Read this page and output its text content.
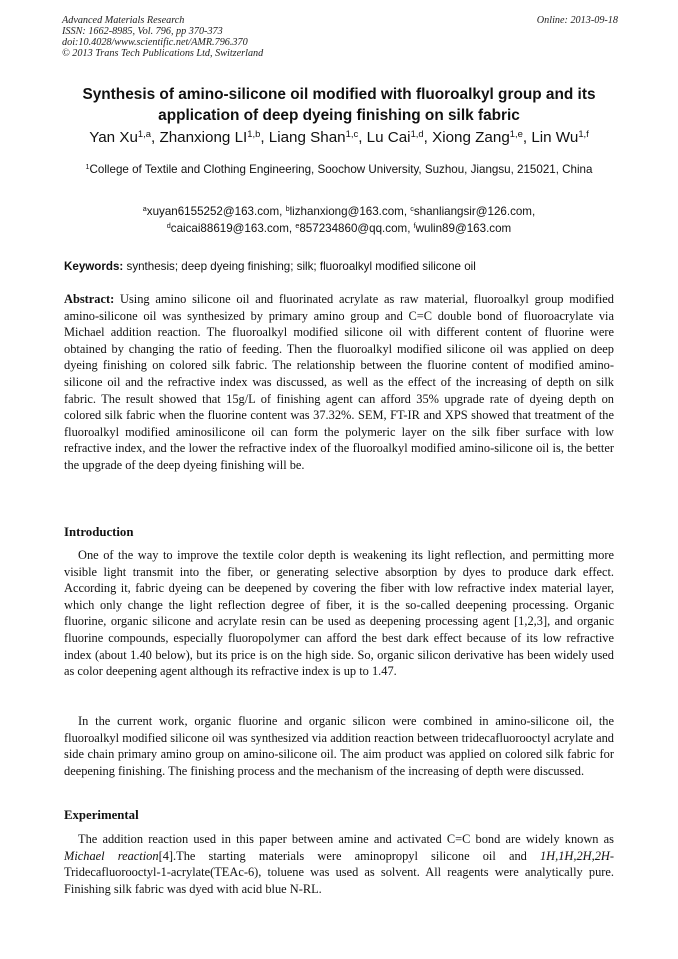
Advanced Materials Research
ISSN: 1662-8985, Vol. 796, pp 370-373
doi:10.4028/www.scientific.net/AMR.796.370
© 2013 Trans Tech Publications Ltd, Switzerland
Online: 2013-09-18
Synthesis of amino-silicone oil modified with fluoroalkyl group and its application of deep dyeing finishing on silk fabric
Yan Xu$^{1,a}$, Zhanxiong LI$^{1,b}$, Liang Shan$^{1,c}$, Lu Cai$^{1,d}$, Xiong Zang$^{1,e}$, Lin Wu$^{1,f}$
$^1$College of Textile and Clothing Engineering, Soochow University, Suzhou, Jiangsu, 215021, China
$^a$xuyan6155252@163.com, $^b$lizhanxiong@163.com, $^c$shanliangsir@126.com,
$^d$caicai88619@163.com, $^e$857234860@qq.com, $^f$wulin89@163.com
Keywords: synthesis; deep dyeing finishing; silk; fluoroalkyl modified silicone oil
Abstract: Using amino silicone oil and fluorinated acrylate as raw material, fluoroalkyl group modified amino-silicone oil was synthesized by primary amino group and C=C double bond of fluoroacrylate via Michael addition reaction. The fluoroalkyl modified silicone oil with different content of fluorine were obtained by changing the ratio of feeding. Then the fluoroalkyl modified silicone oil was applied on deep dyeing finishing on colored silk fabric. The relationship between the fluorine content of modified amino-silicone oil and the refractive index was discussed, as well as the effect of the increasing of depth on silk fabric. The result showed that 15g/L of finishing agent can afford 35% upgrade rate of dyeing depth on colored silk fabric when the fluorine content was 37.32%. SEM, FT-IR and XPS showed that treatment of the fluoroalkyl modified aminosilicone oil can form the polymeric layer on the silk fiber surface with low refractive index, and the lower the refractive index of the fluoroalkyl modified amino-silicone oil is, the better the upgrade of the deep dyeing finishing will be.
Introduction
One of the way to improve the textile color depth is weakening its light reflection, and permitting more visible light transmit into the fiber, or generating selective absorption by dyes to produce dark effect. According it, fabric dyeing can be deepened by covering the fiber with low refractive index material layer, which only change the light reflection degree of fiber, it is the so-called deepening processing. Organic fluorine, organic silicone and acrylate resin can be used as deepening processing agent [1,2,3], and organic fluorine compounds, especially fluoropolymer can afford the best dark effect because of its low refractive index (about 1.40 below), but its price is on the high side. So, organic silicon derivative has been widely used as color deepening agent although its refractive index is up to 1.47.
In the current work, organic fluorine and organic silicon were combined in amino-silicone oil, the fluoroalkyl modified silicone oil was synthesized via addition reaction between tridecafluorooctyl acrylate and side chain primary amino group on amino-silicone oil. The aim product was applied on colored silk fabric for deepening finishing. The finishing process and the mechanism of the increasing of depth were discussed.
Experimental
The addition reaction used in this paper between amine and activated C=C bond are widely known as Michael reaction[4].The starting materials were aminopropyl silicone oil and 1H,1H,2H,2H-Tridecafluorooctyl-1-acrylate(TEAc-6), toluene was used as solvent. All reagents were analytically pure. Finishing silk fabric was dyed with acid blue N-RL.
